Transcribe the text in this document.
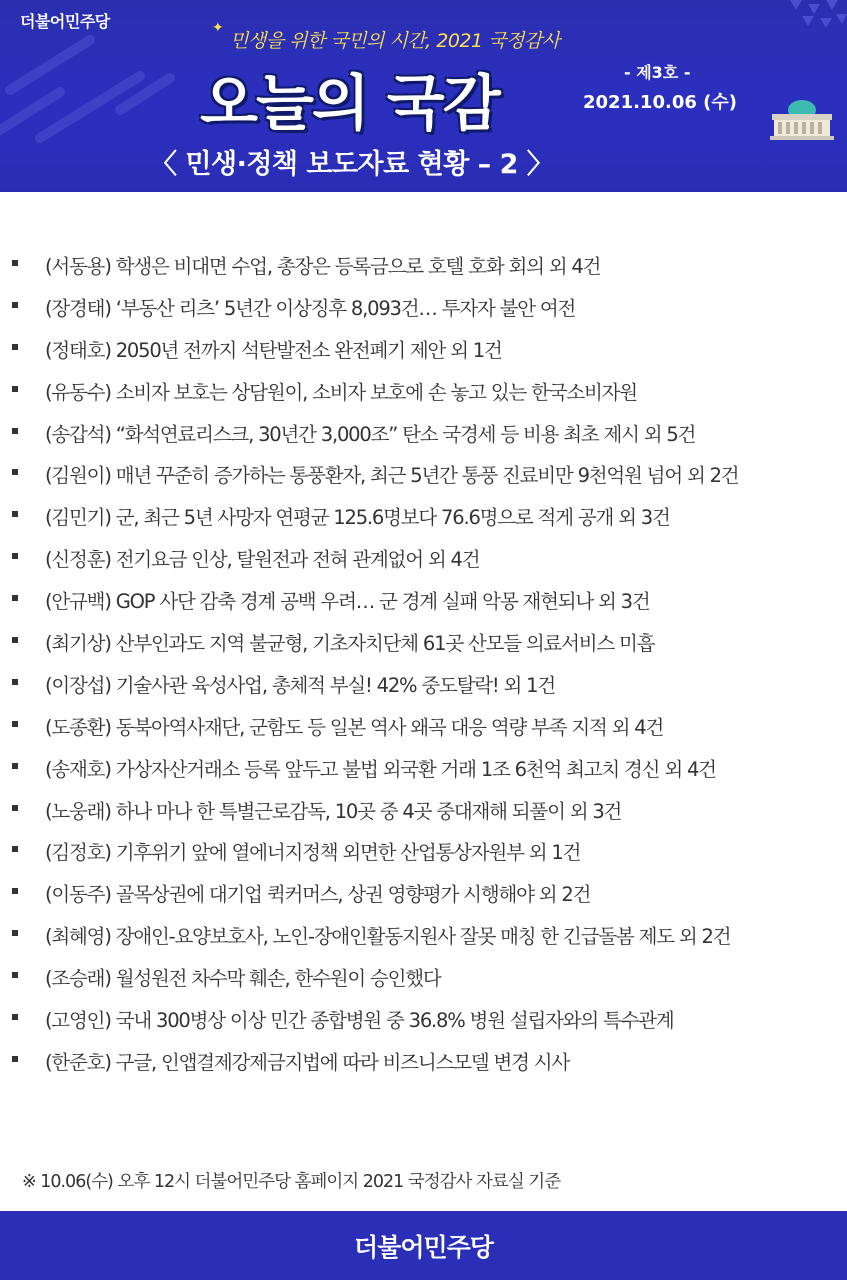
더불어민주당	✦
민생을 위한 국민의 시간, 2021 국정감사
오늘의 국감	- 제3호 -
2021.10.06 (수)
〈 민생·정책 보도자료 현황 – 2 〉
(서동용) 학생은 비대면 수업, 총장은 등록금으로 호텔 호화 회의 외 4건
(장경태) ‘부동산 리츠’ 5년간 이상징후 8,093건… 투자자 불안 여전
(정태호) 2050년 전까지 석탄발전소 완전폐기 제안 외 1건
(유동수) 소비자 보호는 상담원이, 소비자 보호에 손 놓고 있는 한국소비자원
(송갑석) “화석연료리스크, 30년간 3,000조” 탄소 국경세 등 비용 최초 제시 외 5건
(김원이) 매년 꾸준히 증가하는 통풍환자, 최근 5년간 통풍 진료비만 9천억원 넘어 외 2건
(김민기) 군, 최근 5년 사망자 연평균 125.6명보다 76.6명으로 적게 공개 외 3건
(신정훈) 전기요금 인상, 탈원전과 전혀 관계없어 외 4건
(안규백) GOP 사단 감축 경계 공백 우려… 군 경계 실패 악몽 재현되나 외 3건
(최기상) 산부인과도 지역 불균형, 기초자치단체 61곳 산모들 의료서비스 미흡
(이장섭) 기술사관 육성사업, 총체적 부실! 42% 중도탈락! 외 1건
(도종환) 동북아역사재단, 군함도 등 일본 역사 왜곡 대응 역량 부족 지적 외 4건
(송재호) 가상자산거래소 등록 앞두고 불법 외국환 거래 1조 6천억 최고치 경신 외 4건
(노웅래) 하나 마나 한 특별근로감독, 10곳 중 4곳 중대재해 되풀이 외 3건
(김정호) 기후위기 앞에 열에너지정책 외면한 산업통상자원부 외 1건
(이동주) 골목상권에 대기업 퀵커머스, 상권 영향평가 시행해야 외 2건
(최혜영) 장애인-요양보호사, 노인-장애인활동지원사 잘못 매칭 한 긴급돌봄 제도 외 2건
(조승래) 월성원전 차수막 훼손, 한수원이 승인했다
(고영인) 국내 300병상 이상 민간 종합병원 중 36.8% 병원 설립자와의 특수관계
(한준호) 구글, 인앱결제강제금지법에 따라 비즈니스모델 변경 시사
※ 10.06(수) 오후 12시 더불어민주당 홈페이지 2021 국정감사 자료실 기준
더불어민주당
